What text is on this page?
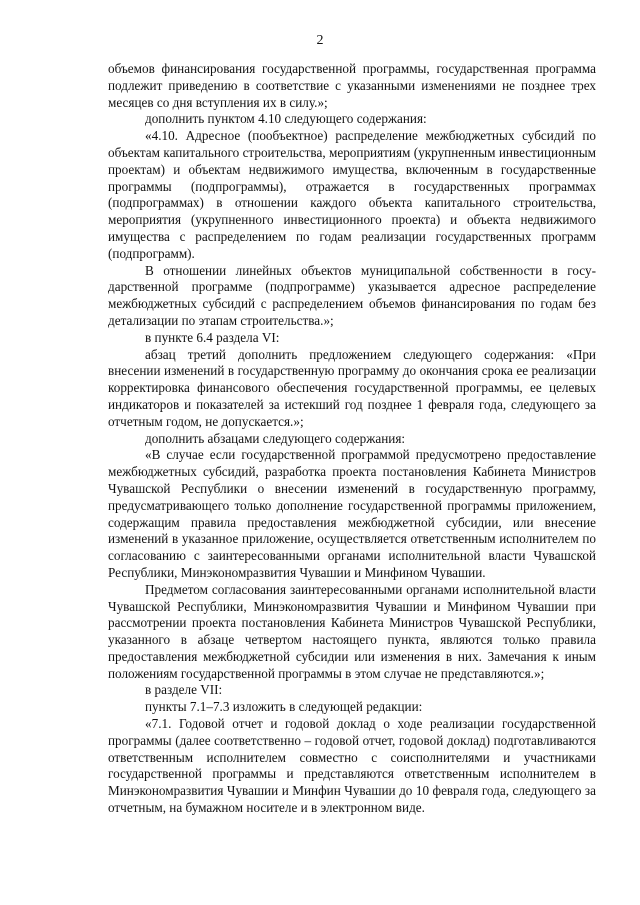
2

объемов финансирования государственной программы, государственная программа подлежит приведению в соответствие с указанными изменениями не позднее трех месяцев со дня вступления их в силу.»;

дополнить пунктом 4.10 следующего содержания:

«4.10. Адресное (пообъектное) распределение межбюджетных субсидий по объектам капитального строительства, мероприятиям (укрупненным инвестиционным проектам) и объектам недвижимого имущества, включенным в государственные программы (подпрограммы), отражается в государственных программах (подпрограммах) в отношении каждого объекта капитального строительства, мероприятия (укрупненного инвестиционного проекта) и объекта недвижимого имущества с распределением по годам реализации государственных программ (подпрограмм).

В отношении линейных объектов муниципальной собственности в государственной программе (подпрограмме) указывается адресное распределение межбюджетных субсидий с распределением объемов финансирования по годам без детализации по этапам строительства.»;

в пункте 6.4 раздела VI:

абзац третий дополнить предложением следующего содержания: «При внесении изменений в государственную программу до окончания срока ее реализации корректировка финансового обеспечения государственной программы, ее целевых индикаторов и показателей за истекший год позднее 1 февраля года, следующего за отчетным годом, не допускается.»;

дополнить абзацами следующего содержания:

«В случае если государственной программой предусмотрено предоставление межбюджетных субсидий, разработка проекта постановления Кабинета Министров Чувашской Республики о внесении изменений в государственную программу, предусматривающего только дополнение государственной программы приложением, содержащим правила предоставления межбюджетной субсидии, или внесение изменений в указанное приложение, осуществляется ответственным исполнителем по согласованию с заинтересованными органами исполнительной власти Чувашской Республики, Минэкономразвития Чувашии и Минфином Чувашии.

Предметом согласования заинтересованными органами исполнительной власти Чувашской Республики, Минэкономразвития Чувашии и Минфином Чувашии при рассмотрении проекта постановления Кабинета Министров Чувашской Республики, указанного в абзаце четвертом настоящего пункта, являются только правила предоставления межбюджетной субсидии или изменения в них. Замечания к иным положениям государственной программы в этом случае не представляются.»;

в разделе VII:

пункты 7.1–7.3 изложить в следующей редакции:

«7.1. Годовой отчет и годовой доклад о ходе реализации государственной программы (далее соответственно – годовой отчет, годовой доклад) подготавливаются ответственным исполнителем совместно с соисполнителями и участниками государственной программы и представляются ответственным исполнителем в Минэкономразвития Чувашии и Минфин Чувашии до 10 февраля года, следующего за отчетным, на бумажном носителе и в электронном виде.
